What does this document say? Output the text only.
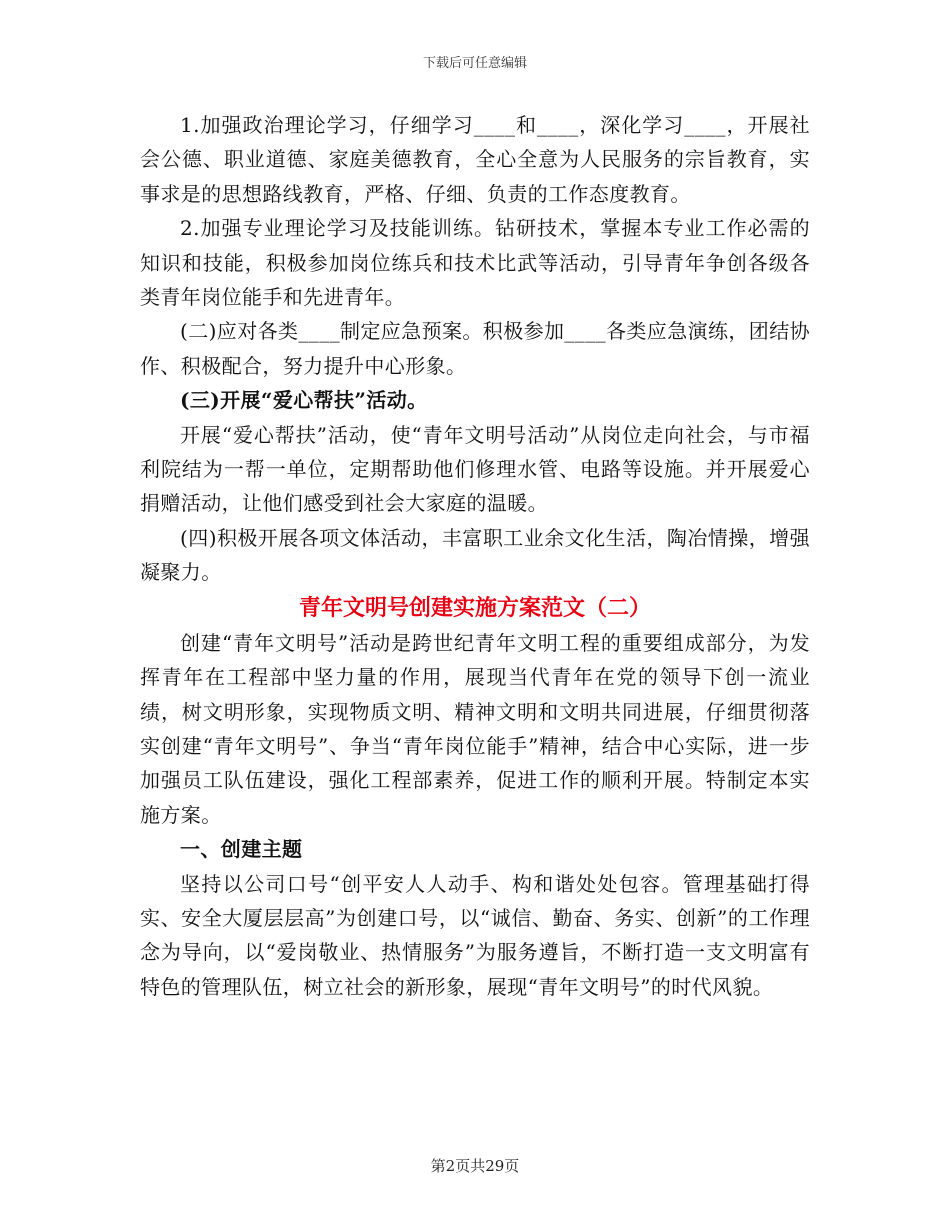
下载后可任意编辑

1.加强政治理论学习，仔细学习____和____，深化学习____，开展社会公德、职业道德、家庭美德教育，全心全意为人民服务的宗旨教育，实事求是的思想路线教育，严格、仔细、负责的工作态度教育。

2.加强专业理论学习及技能训练。钻研技术，掌握本专业工作必需的知识和技能，积极参加岗位练兵和技术比武等活动，引导青年争创各级各类青年岗位能手和先进青年。

(二)应对各类____制定应急预案。积极参加____各类应急演练，团结协作、积极配合，努力提升中心形象。

(三)开展“爱心帮扶”活动。

开展“爱心帮扶”活动，使“青年文明号活动”从岗位走向社会，与市福利院结为一帮一单位，定期帮助他们修理水管、电路等设施。并开展爱心捐赠活动，让他们感受到社会大家庭的温暖。

(四)积极开展各项文体活动，丰富职工业余文化生活，陶冶情操，增强凝聚力。

青年文明号创建实施方案范文（二）

创建“青年文明号”活动是跨世纪青年文明工程的重要组成部分，为发挥青年在工程部中坚力量的作用，展现当代青年在党的领导下创一流业绩，树文明形象，实现物质文明、精神文明和文明共同进展，仔细贯彻落实创建“青年文明号”、争当“青年岗位能手”精神，结合中心实际，进一步加强员工队伍建设，强化工程部素养，促进工作的顺利开展。特制定本实施方案。

一、创建主题

坚持以公司口号“创平安人人动手、构和谐处处包容。管理基础打得实、安全大厦层层高”为创建口号，以“诚信、勤奋、务实、创新”的工作理念为导向，以“爱岗敬业、热情服务”为服务遵旨，不断打造一支文明富有特色的管理队伍，树立社会的新形象，展现“青年文明号”的时代风貌。

第2页共29页
